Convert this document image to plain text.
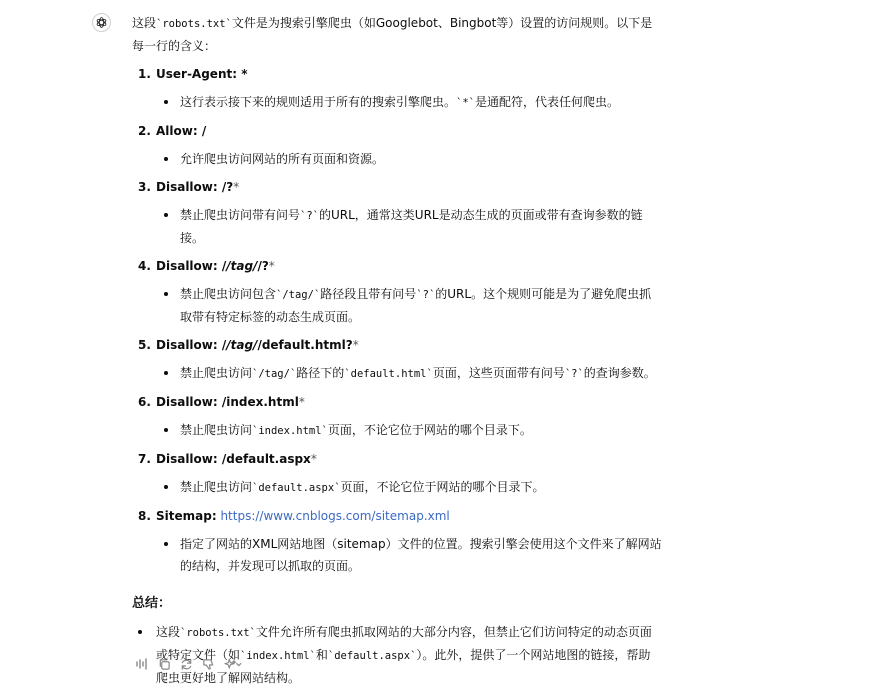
这段`robots.txt`文件是为搜索引擎爬虫（如Googlebot、Bingbot等）设置的访问规则。以下是每一行的含义：

1. User-Agent: *
这行表示接下来的规则适用于所有的搜索引擎爬虫。`*`是通配符，代表任何爬虫。
2. Allow: /
允许爬虫访问网站的所有页面和资源。
3. Disallow: /?*
禁止爬虫访问带有问号`?`的URL，通常这类URL是动态生成的页面或带有查询参数的链接。
4. Disallow: //tag//?*
禁止爬虫访问包含`/tag/`路径段且带有问号`?`的URL。这个规则可能是为了避免爬虫抓取带有特定标签的动态生成页面。
5. Disallow: //tag//default.html?*
禁止爬虫访问`/tag/`路径下的`default.html`页面，这些页面带有问号`?`的查询参数。
6. Disallow: /index.html*
禁止爬虫访问`index.html`页面，不论它位于网站的哪个目录下。
7. Disallow: /default.aspx*
禁止爬虫访问`default.aspx`页面，不论它位于网站的哪个目录下。
8. Sitemap: https://www.cnblogs.com/sitemap.xml
指定了网站的XML网站地图（sitemap）文件的位置。搜索引擎会使用这个文件来了解网站的结构，并发现可以抓取的页面。
总结：
这段`robots.txt`文件允许所有爬虫抓取网站的大部分内容，但禁止它们访问特定的动态页面或特定文件（如`index.html`和`default.aspx`）。此外，提供了一个网站地图的链接，帮助爬虫更好地了解网站结构。
